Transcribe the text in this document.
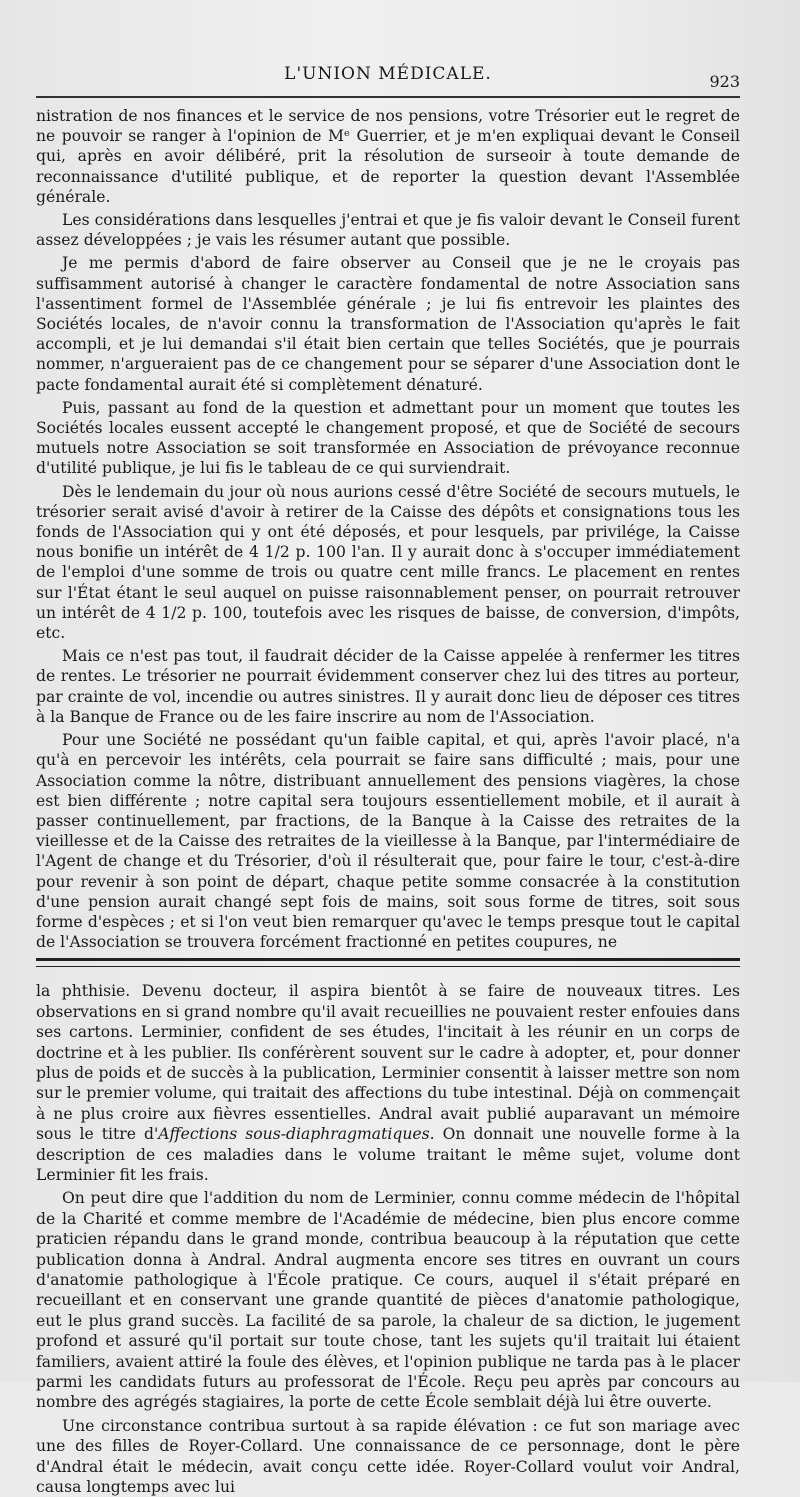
L'UNION MÉDICALE.	923

nistration de nos finances et le service de nos pensions, votre Trésorier eut le regret de ne pouvoir se ranger à l'opinion de Mᵉ Guerrier, et je m'en expliquai devant le Conseil qui, après en avoir délibéré, prit la résolution de surseoir à toute demande de reconnaissance d'utilité publique, et de reporter la question devant l'Assemblée générale.

Les considérations dans lesquelles j'entrai et que je fis valoir devant le Conseil furent assez développées ; je vais les résumer autant que possible.

Je me permis d'abord de faire observer au Conseil que je ne le croyais pas suffisamment autorisé à changer le caractère fondamental de notre Association sans l'assentiment formel de l'Assemblée générale ; je lui fis entrevoir les plaintes des Sociétés locales, de n'avoir connu la transformation de l'Association qu'après le fait accompli, et je lui demandai s'il était bien certain que telles Sociétés, que je pourrais nommer, n'argueraient pas de ce changement pour se séparer d'une Association dont le pacte fondamental aurait été si complètement dénaturé.

Puis, passant au fond de la question et admettant pour un moment que toutes les Sociétés locales eussent accepté le changement proposé, et que de Société de secours mutuels notre Association se soit transformée en Association de prévoyance reconnue d'utilité publique, je lui fis le tableau de ce qui surviendrait.

Dès le lendemain du jour où nous aurions cessé d'être Société de secours mutuels, le trésorier serait avisé d'avoir à retirer de la Caisse des dépôts et consignations tous les fonds de l'Association qui y ont été déposés, et pour lesquels, par privilége, la Caisse nous bonifie un intérêt de 4 1/2 p. 100 l'an. Il y aurait donc à s'occuper immédiatement de l'emploi d'une somme de trois ou quatre cent mille francs. Le placement en rentes sur l'État étant le seul auquel on puisse raisonnablement penser, on pourrait retrouver un intérêt de 4 1/2 p. 100, toutefois avec les risques de baisse, de conversion, d'impôts, etc.

Mais ce n'est pas tout, il faudrait décider de la Caisse appelée à renfermer les titres de rentes. Le trésorier ne pourrait évidemment conserver chez lui des titres au porteur, par crainte de vol, incendie ou autres sinistres. Il y aurait donc lieu de déposer ces titres à la Banque de France ou de les faire inscrire au nom de l'Association.

Pour une Société ne possédant qu'un faible capital, et qui, après l'avoir placé, n'a qu'à en percevoir les intérêts, cela pourrait se faire sans difficulté ; mais, pour une Association comme la nôtre, distribuant annuellement des pensions viagères, la chose est bien différente ; notre capital sera toujours essentiellement mobile, et il aurait à passer continuellement, par fractions, de la Banque à la Caisse des retraites de la vieillesse et de la Caisse des retraites de la vieillesse à la Banque, par l'intermédiaire de l'Agent de change et du Trésorier, d'où il résulterait que, pour faire le tour, c'est-à-dire pour revenir à son point de départ, chaque petite somme consacrée à la constitution d'une pension aurait changé sept fois de mains, soit sous forme de titres, soit sous forme d'espèces ; et si l'on veut bien remarquer qu'avec le temps presque tout le capital de l'Association se trouvera forcément fractionné en petites coupures, ne

la phthisie. Devenu docteur, il aspira bientôt à se faire de nouveaux titres. Les observations en si grand nombre qu'il avait recueillies ne pouvaient rester enfouies dans ses cartons. Lerminier, confident de ses études, l'incitait à les réunir en un corps de doctrine et à les publier. Ils conférèrent souvent sur le cadre à adopter, et, pour donner plus de poids et de succès à la publication, Lerminier consentit à laisser mettre son nom sur le premier volume, qui traitait des affections du tube intestinal. Déjà on commençait à ne plus croire aux fièvres essentielles. Andral avait publié auparavant un mémoire sous le titre d'Affections sous-diaphragmatiques. On donnait une nouvelle forme à la description de ces maladies dans le volume traitant le même sujet, volume dont Lerminier fit les frais.

On peut dire que l'addition du nom de Lerminier, connu comme médecin de l'hôpital de la Charité et comme membre de l'Académie de médecine, bien plus encore comme praticien répandu dans le grand monde, contribua beaucoup à la réputation que cette publication donna à Andral. Andral augmenta encore ses titres en ouvrant un cours d'anatomie pathologique à l'École pratique. Ce cours, auquel il s'était préparé en recueillant et en conservant une grande quantité de pièces d'anatomie pathologique, eut le plus grand succès. La facilité de sa parole, la chaleur de sa diction, le jugement profond et assuré qu'il portait sur toute chose, tant les sujets qu'il traitait lui étaient familiers, avaient attiré la foule des élèves, et l'opinion publique ne tarda pas à le placer parmi les candidats futurs au professorat de l'École. Reçu peu après par concours au nombre des agrégés stagiaires, la porte de cette École semblait déjà lui être ouverte.

Une circonstance contribua surtout à sa rapide élévation : ce fut son mariage avec une des filles de Royer-Collard. Une connaissance de ce personnage, dont le père d'Andral était le médecin, avait conçu cette idée. Royer-Collard voulut voir Andral, causa longtemps avec lui
